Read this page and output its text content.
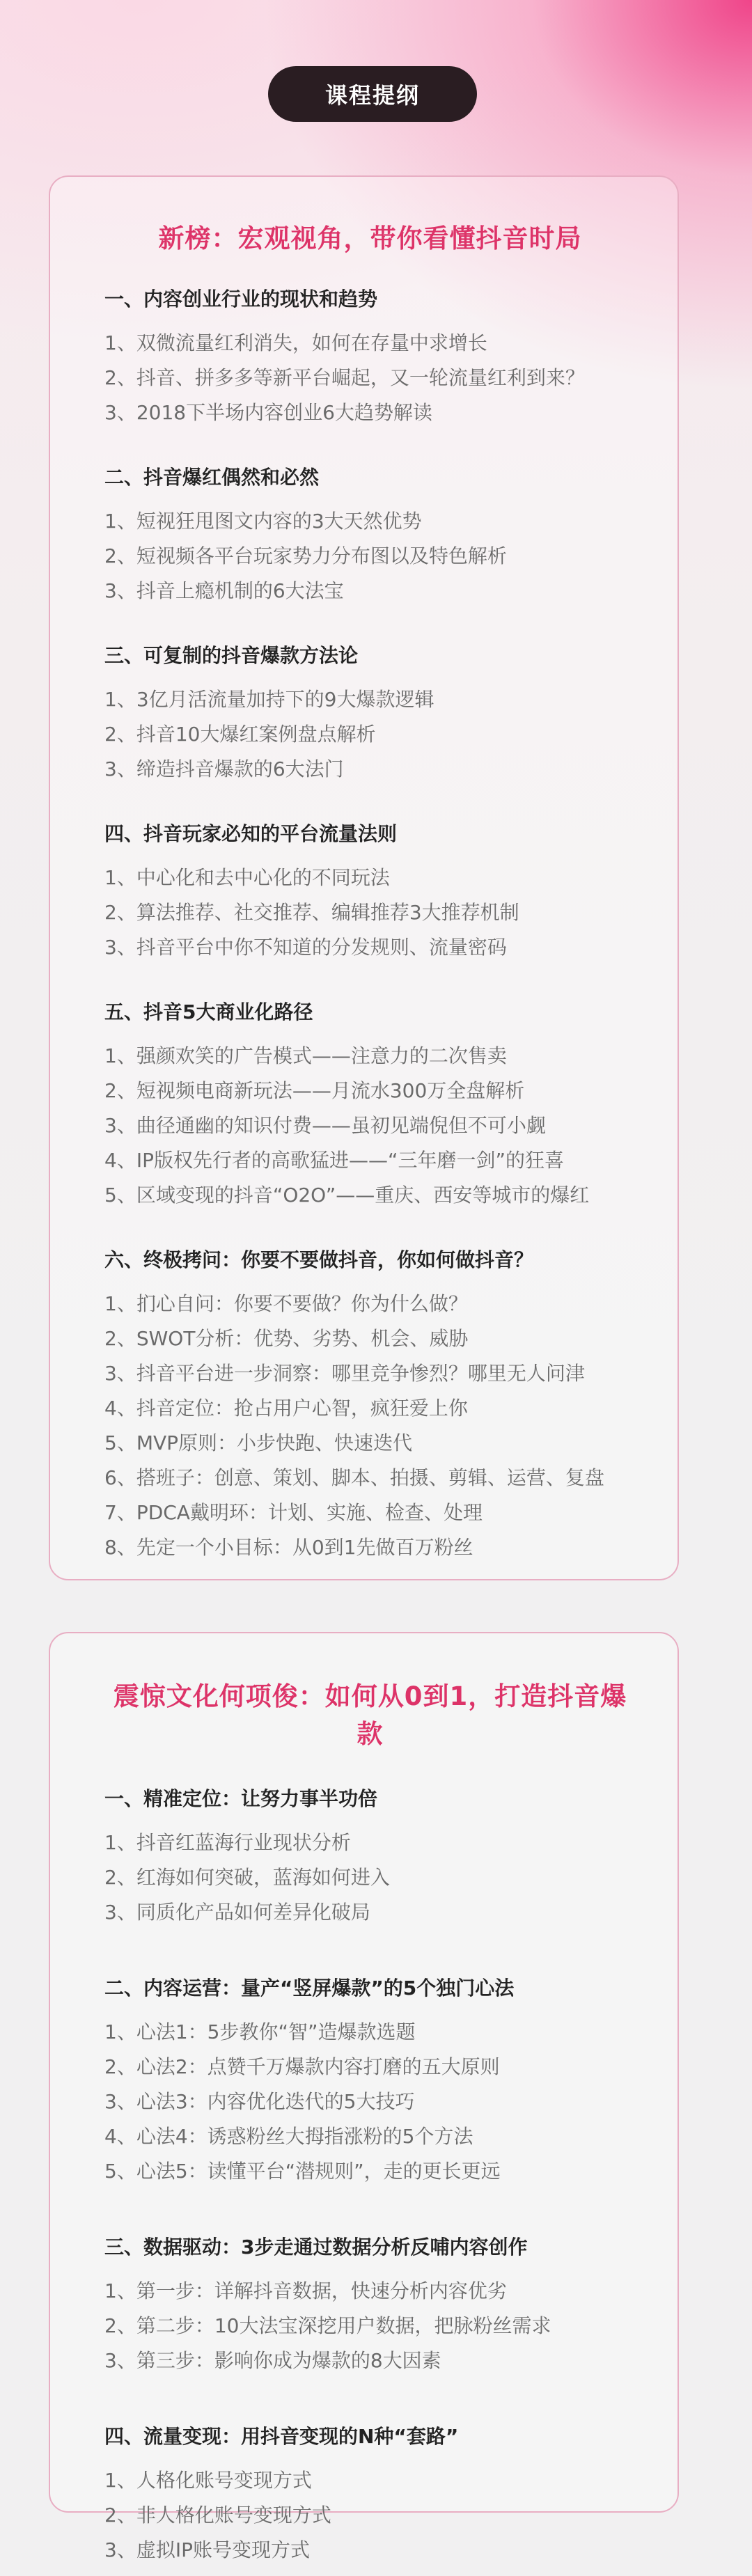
课程提纲
新榜：宏观视角，带你看懂抖音时局
一、内容创业行业的现状和趋势
1、双微流量红利消失，如何在存量中求增长
2、抖音、拼多多等新平台崛起，又一轮流量红利到来？
3、2018下半场内容创业6大趋势解读
二、抖音爆红偶然和必然
1、短视狂甩图文内容的3大天然优势
2、短视频各平台玩家势力分布图以及特色解析
3、抖音上瘾机制的6大法宝
三、可复制的抖音爆款方法论
1、3亿月活流量加持下的9大爆款逻辑
2、抖音10大爆红案例盘点解析
3、缔造抖音爆款的6大法门
四、抖音玩家必知的平台流量法则
1、中心化和去中心化的不同玩法
2、算法推荐、社交推荐、编辑推荐3大推荐机制
3、抖音平台中你不知道的分发规则、流量密码
五、抖音5大商业化路径
1、强颜欢笑的广告模式——注意力的二次售卖
2、短视频电商新玩法——月流水300万全盘解析
3、曲径通幽的知识付费——虽初见端倪但不可小觑
4、IP版权先行者的高歌猛进——“三年磨一剑”的狂喜
5、区域变现的抖音“O2O”——重庆、西安等城市的爆红
六、终极拷问：你要不要做抖音，你如何做抖音？
1、扪心自问：你要不要做？你为什么做？
2、SWOT分析：优势、劣势、机会、威胁
3、抖音平台进一步洞察：哪里竞争惨烈？哪里无人问津
4、抖音定位：抢占用户心智，疯狂爱上你
5、MVP原则：小步快跑、快速迭代
6、搭班子：创意、策划、脚本、拍摄、剪辑、运营、复盘
7、PDCA戴明环：计划、实施、检查、处理
8、先定一个小目标：从0到1先做百万粉丝
震惊文化何项俊：如何从0到1，打造抖音爆款
一、精准定位：让努力事半功倍
1、抖音红蓝海行业现状分析
2、红海如何突破，蓝海如何进入
3、同质化产品如何差异化破局
二、内容运营：量产“竖屏爆款”的5个独门心法
1、心法1：5步教你“智”造爆款选题
2、心法2：点赞千万爆款内容打磨的五大原则
3、心法3：内容优化迭代的5大技巧
4、心法4：诱惑粉丝大拇指涨粉的5个方法
5、心法5：读懂平台“潜规则”，走的更长更远
三、数据驱动：3步走通过数据分析反哺内容创作
1、第一步：详解抖音数据，快速分析内容优劣
2、第二步：10大法宝深挖用户数据，把脉粉丝需求
3、第三步：影响你成为爆款的8大因素
四、流量变现：用抖音变现的N种“套路”
1、人格化账号变现方式
2、非人格化账号变现方式
3、虚拟IP账号变现方式
